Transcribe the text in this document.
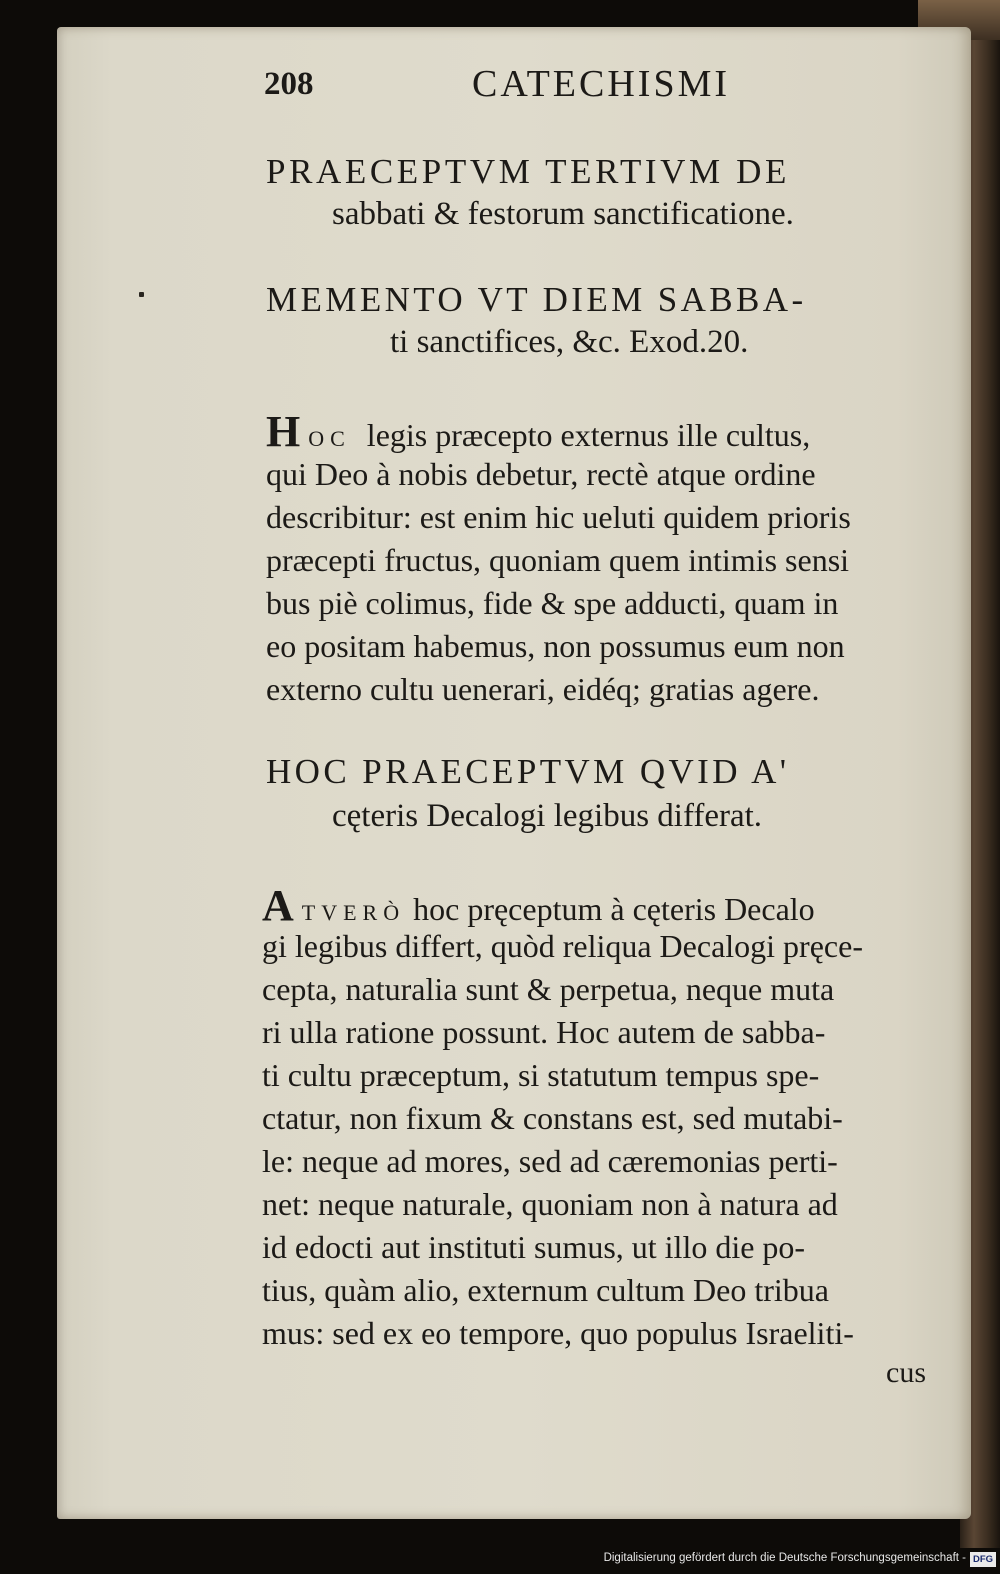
208	CATECHISMI

PRAECEPTVM TERTIVM DE

sabbati & festorum sanctificatione.

MEMENTO VT DIEM SABBA-

ti sanctifices, &c. Exod.20.

H OC legis præcepto externus ille cultus,

qui Deo à nobis debetur, rectè atque ordine

describitur: est enim hic ueluti quidem prioris

præcepti fructus, quoniam quem intimis sensi

bus piè colimus, fide & spe adducti, quam in

eo positam habemus, non possumus eum non

externo cultu uenerari, eidéq; gratias agere.

HOC PRAECEPTVM QVID A'

cęteris Decalogi legibus differat.

A TVERÒ hoc pręceptum à cęteris Decalo

gi legibus differt, quòd reliqua Decalogi pręce-

cepta, naturalia sunt & perpetua, neque muta

ri ulla ratione possunt. Hoc autem de sabba-

ti cultu præceptum, si statutum tempus spe-

ctatur, non fixum & constans est, sed mutabi-

le: neque ad mores, sed ad cæremonias perti-

net: neque naturale, quoniam non à natura ad

id edocti aut instituti sumus, ut illo die po-

tius, quàm alio, externum cultum Deo tribua

mus: sed ex eo tempore, quo populus Israeliti-

cus

Digitalisierung gefördert durch die Deutsche Forschungsgemeinschaft - DFG
